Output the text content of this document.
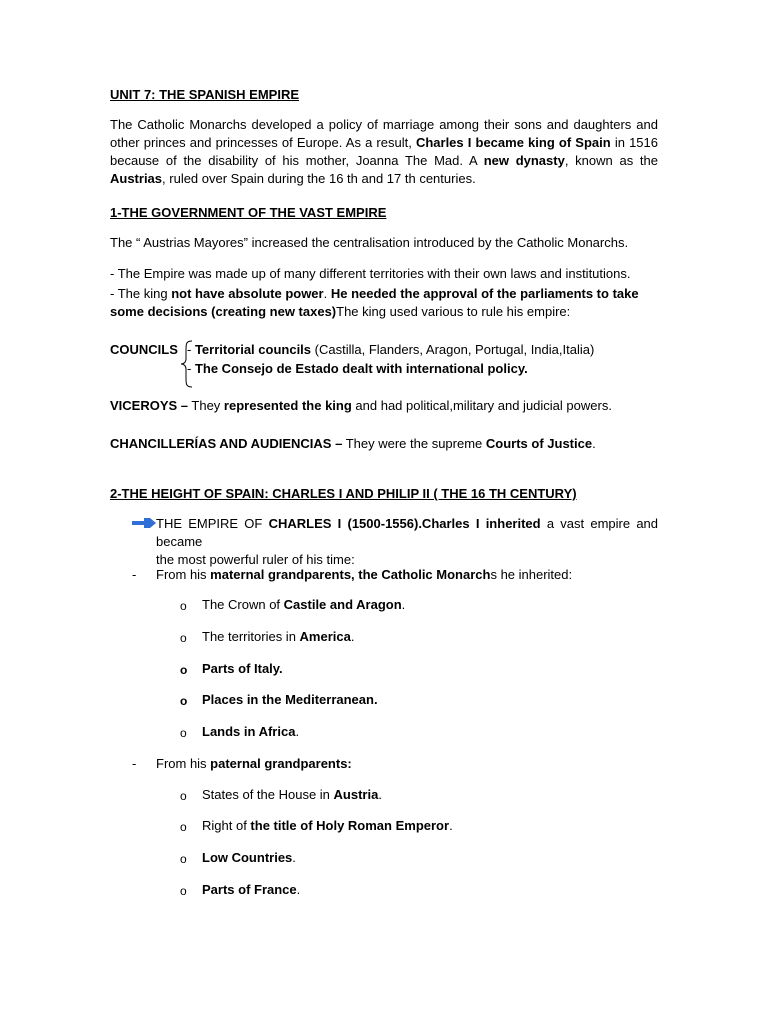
UNIT 7: THE SPANISH EMPIRE
The Catholic Monarchs developed a policy of marriage among their sons and daughters and other princes and princesses of Europe. As a result, Charles I became king of Spain in 1516 because of the disability of his mother, Joanna The Mad. A new dynasty, known as the Austrias, ruled over Spain during the 16 th and 17 th centuries.
1-THE GOVERNMENT OF THE VAST EMPIRE
The “ Austrias Mayores” increased the centralisation introduced by the Catholic Monarchs.
- The Empire was made up of many different territories with their own laws and institutions.
- The king not have absolute power. He needed the approval of the parliaments to take some decisions (creating new taxes)The king used various to rule his empire:
COUNCILS - Territorial councils (Castilla, Flanders, Aragon, Portugal, India,Italia)
- The Consejo de Estado dealt with international policy.
VICEROYS – They represented the king and had political,military and judicial powers.
CHANCILLERÍAS AND AUDIENCIAS – They were the supreme Courts of Justice.
2-THE HEIGHT OF SPAIN: CHARLES I AND PHILIP II ( THE 16 TH CENTURY)
THE EMPIRE OF CHARLES I (1500-1556).Charles I inherited a vast empire and became
the most powerful ruler of his time:
- From his maternal grandparents, the Catholic Monarchs he inherited:
o The Crown of Castile and Aragon.
o The territories in America.
o Parts of Italy.
o Places in the Mediterranean.
o Lands in Africa.
- From his paternal grandparents:
o States of the House in Austria.
o Right of the title of Holy Roman Emperor.
o Low Countries.
o Parts of France.
